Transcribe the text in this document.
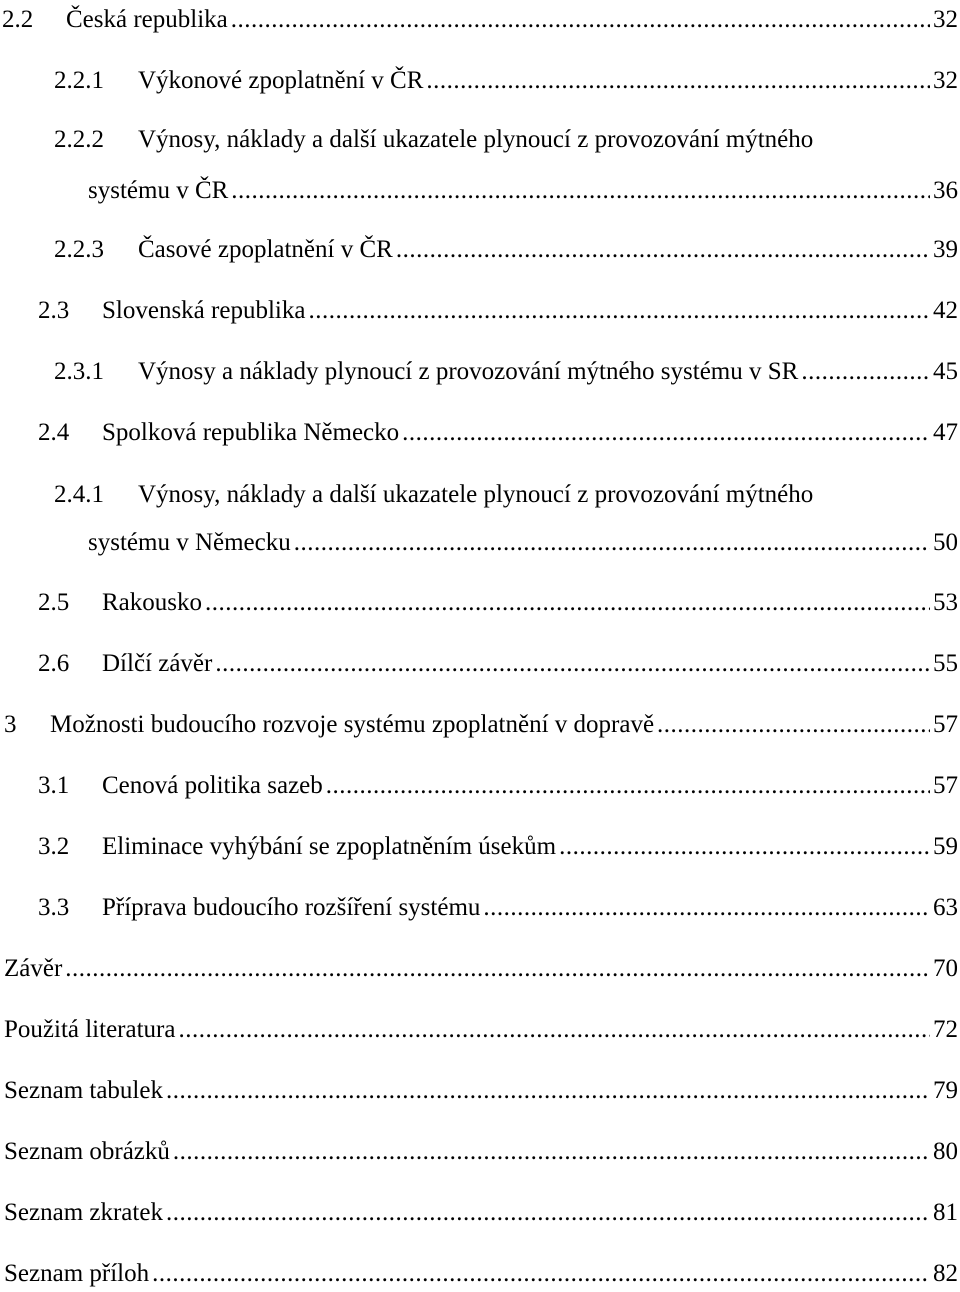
2.2	Česká republika .....	32
2.2.1	Výkonové zpoplatnění v ČR .....	32
2.2.2 Výnosy, náklady a další ukazatele plynoucí z provozování mýtného
systému v ČR .....	36
2.2.3	Časové zpoplatnění v ČR .....	39
2.3	Slovenská republika .....	42
2.3.1	Výnosy a náklady plynoucí z provozování mýtného systému v SR .....	45
2.4	Spolková republika Německo .....	47
2.4.1 Výnosy, náklady a další ukazatele plynoucí z provozování mýtného
systému v Německu .....	50
2.5	Rakousko .....	53
2.6	Dílčí závěr .....	55
3	Možnosti budoucího rozvoje systému zpoplatnění v dopravě .....	57
3.1	Cenová politika sazeb .....	57
3.2	Eliminace vyhýbání se zpoplatněním úsekům .....	59
3.3	Příprava budoucího rozšíření systému .....	63
Závěr .....	70
Použitá literatura .....	72
Seznam tabulek .....	79
Seznam obrázků .....	80
Seznam zkratek .....	81
Seznam příloh .....	82
